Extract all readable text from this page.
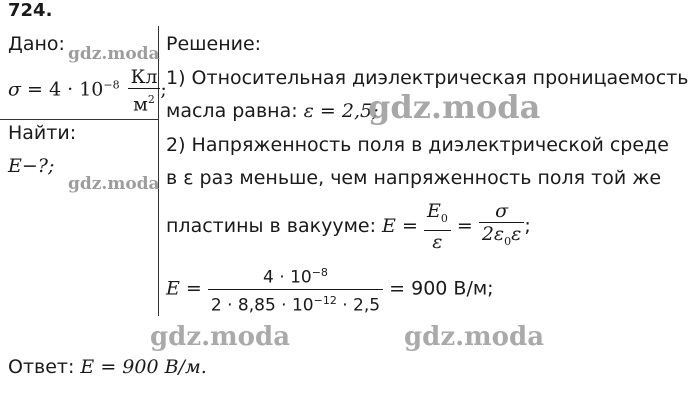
724.
Дано:
$\sigma = 4 \cdot 10^{-8} \frac{Кл}{м^2}$ ;
Найти:
E−?;
Решение:
1) Относительная диэлектрическая проницаемость
масла равна: ε = 2,5;
2) Напряженность поля в диэлектрической среде
в ε раз меньше, чем напряженность поля той же
пластины в вакууме: $E = \frac{E_0}{\varepsilon} = \frac{\sigma}{2\varepsilon_0\varepsilon}$ ;
$E = \frac{4 \cdot 10^{-8}}{2 \cdot 8,85 \cdot 10^{-12} \cdot 2,5} = 900$ В/м;
Ответ: E = 900 В/м.
gdz.moda
gdz.moda
gdz.moda
gdz.moda	gdz.moda
